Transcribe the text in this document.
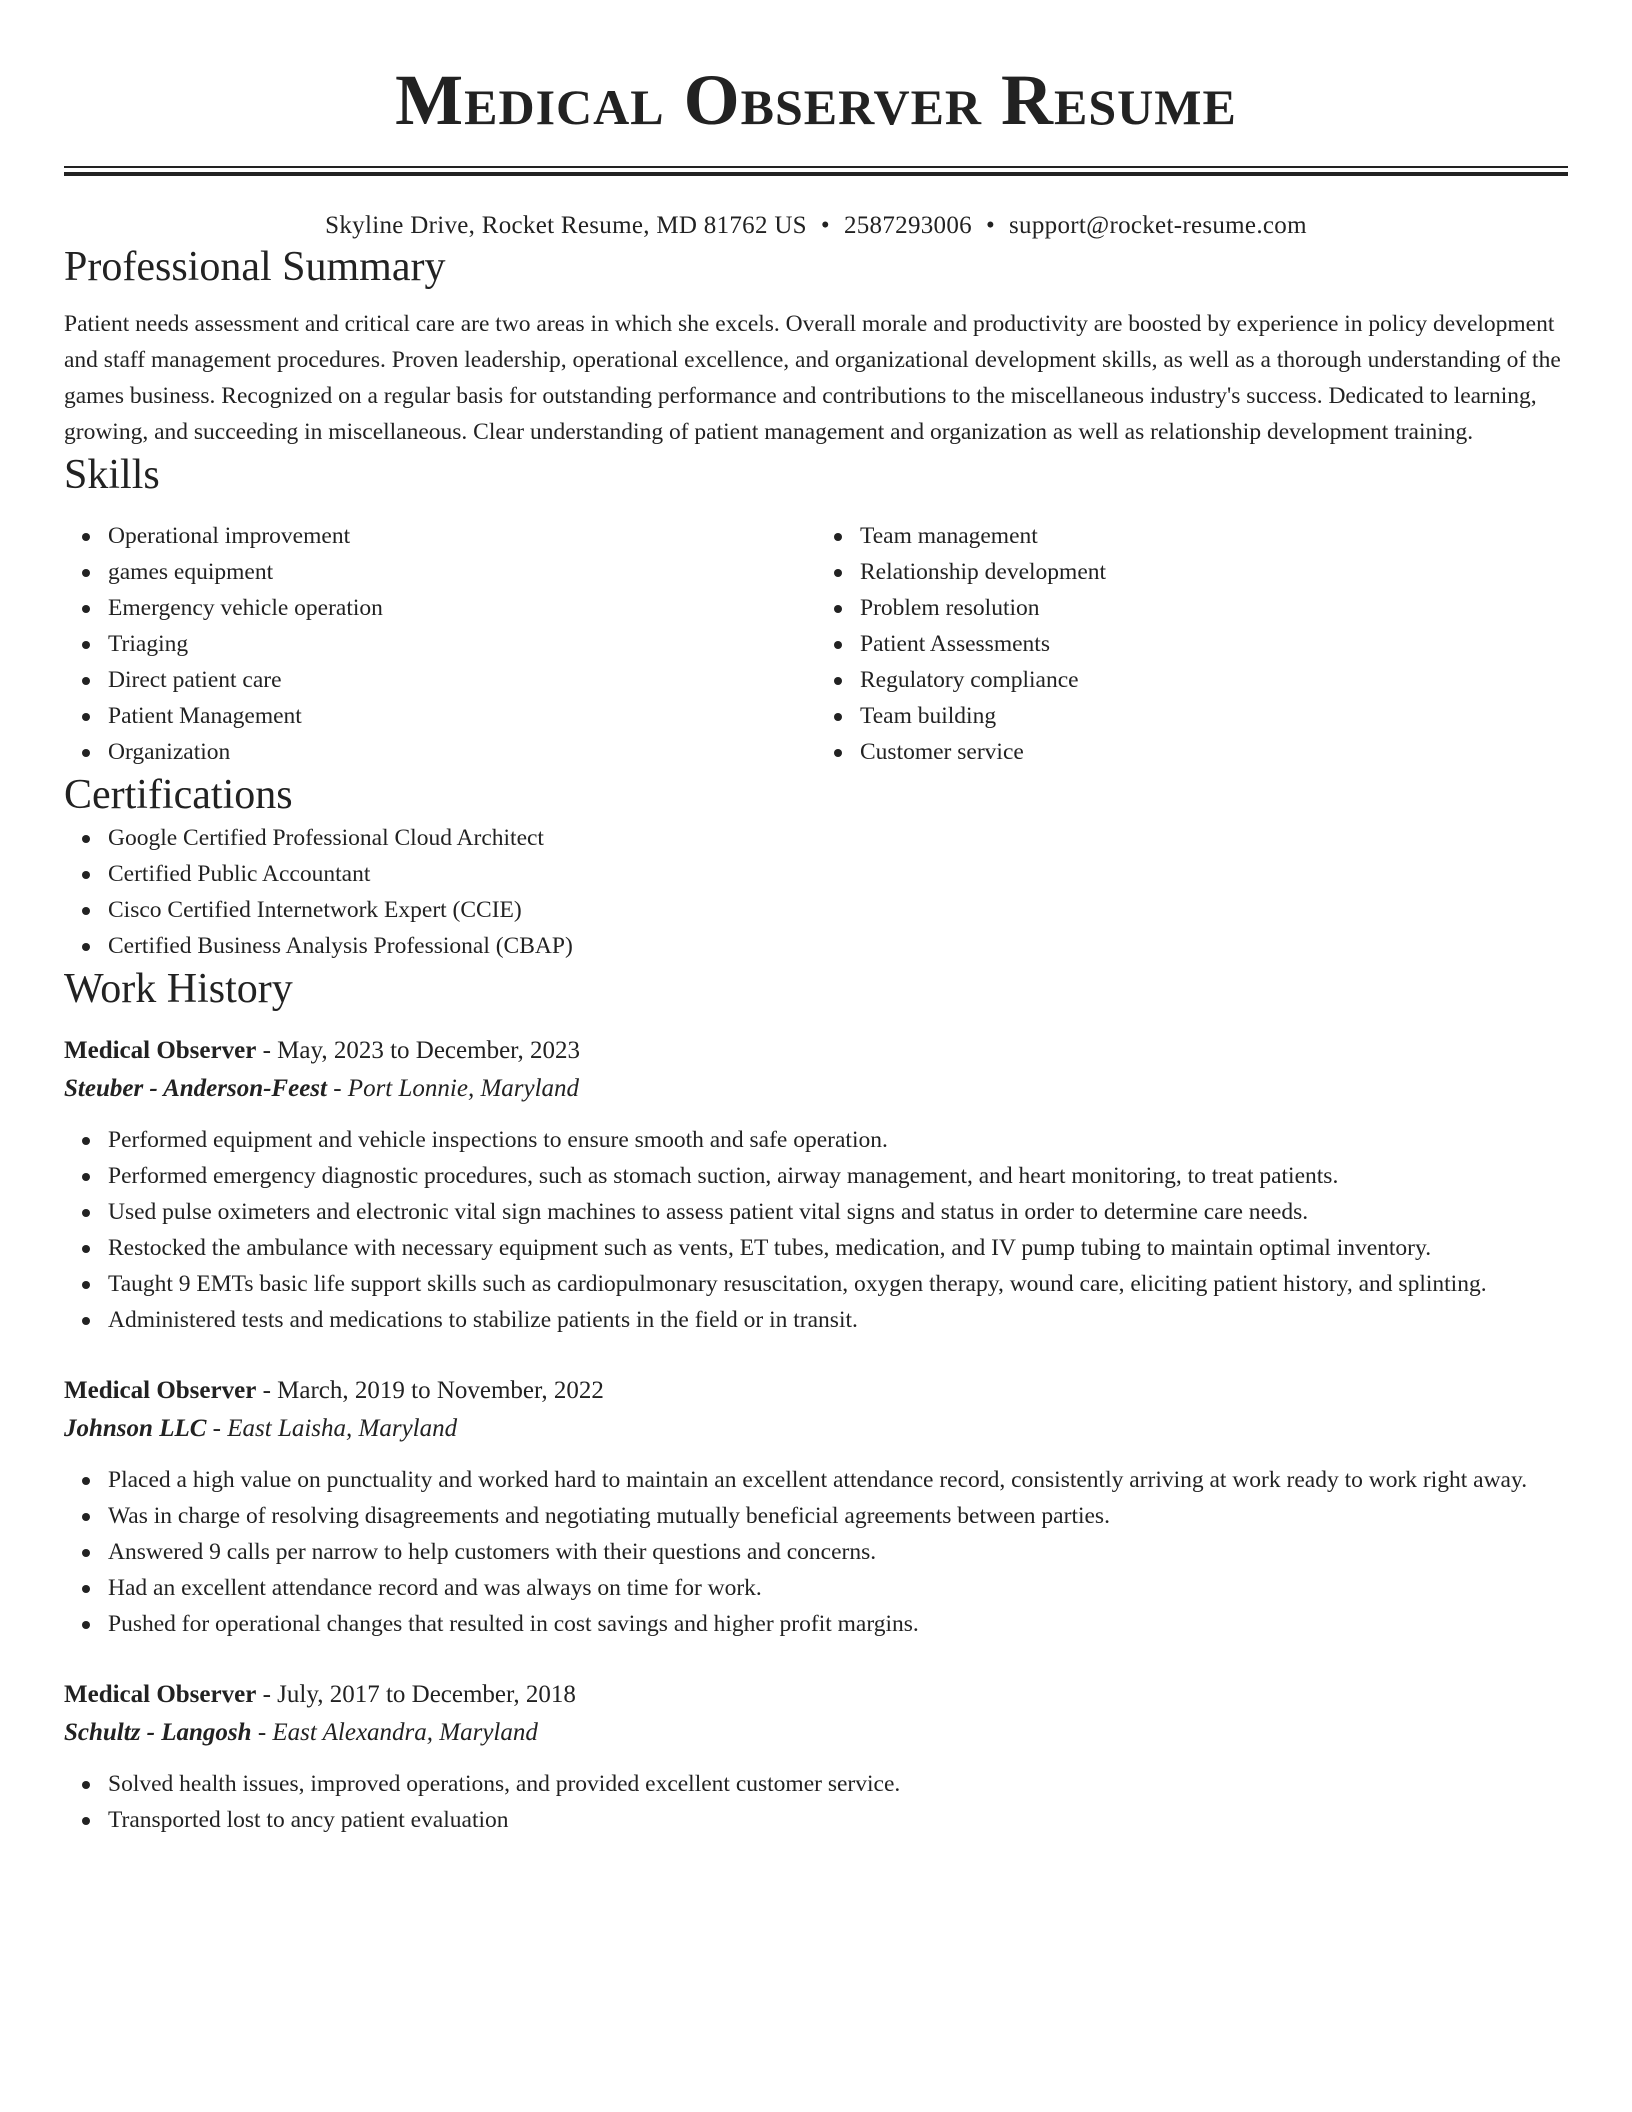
Medical Observer Resume
Skyline Drive, Rocket Resume, MD 81762 US • 2587293006 • support@rocket-resume.com
Professional Summary

Patient needs assessment and critical care are two areas in which she excels. Overall morale and productivity are boosted by experience in policy development and staff management procedures. Proven leadership, operational excellence, and organizational development skills, as well as a thorough understanding of the games business. Recognized on a regular basis for outstanding performance and contributions to the miscellaneous industry's success. Dedicated to learning, growing, and succeeding in miscellaneous. Clear understanding of patient management and organization as well as relationship development training.

Skills
Operational improvement
games equipment
Emergency vehicle operation
Triaging
Direct patient care
Patient Management
Organization
Team management
Relationship development
Problem resolution
Patient Assessments
Regulatory compliance
Team building
Customer service
Certifications
Google Certified Professional Cloud Architect
Certified Public Accountant
Cisco Certified Internetwork Expert (CCIE)
Certified Business Analysis Professional (CBAP)
Work History
Medical Observer - May, 2023 to December, 2023
Steuber - Anderson-Feest - Port Lonnie, Maryland
Performed equipment and vehicle inspections to ensure smooth and safe operation.
Performed emergency diagnostic procedures, such as stomach suction, airway management, and heart monitoring, to treat patients.
Used pulse oximeters and electronic vital sign machines to assess patient vital signs and status in order to determine care needs.
Restocked the ambulance with necessary equipment such as vents, ET tubes, medication, and IV pump tubing to maintain optimal inventory.
Taught 9 EMTs basic life support skills such as cardiopulmonary resuscitation, oxygen therapy, wound care, eliciting patient history, and splinting.
Administered tests and medications to stabilize patients in the field or in transit.
Medical Observer - March, 2019 to November, 2022
Johnson LLC - East Laisha, Maryland
Placed a high value on punctuality and worked hard to maintain an excellent attendance record, consistently arriving at work ready to work right away.
Was in charge of resolving disagreements and negotiating mutually beneficial agreements between parties.
Answered 9 calls per narrow to help customers with their questions and concerns.
Had an excellent attendance record and was always on time for work.
Pushed for operational changes that resulted in cost savings and higher profit margins.
Medical Observer - July, 2017 to December, 2018
Schultz - Langosh - East Alexandra, Maryland
Solved health issues, improved operations, and provided excellent customer service.
Transported lost to ancy patient evaluation
